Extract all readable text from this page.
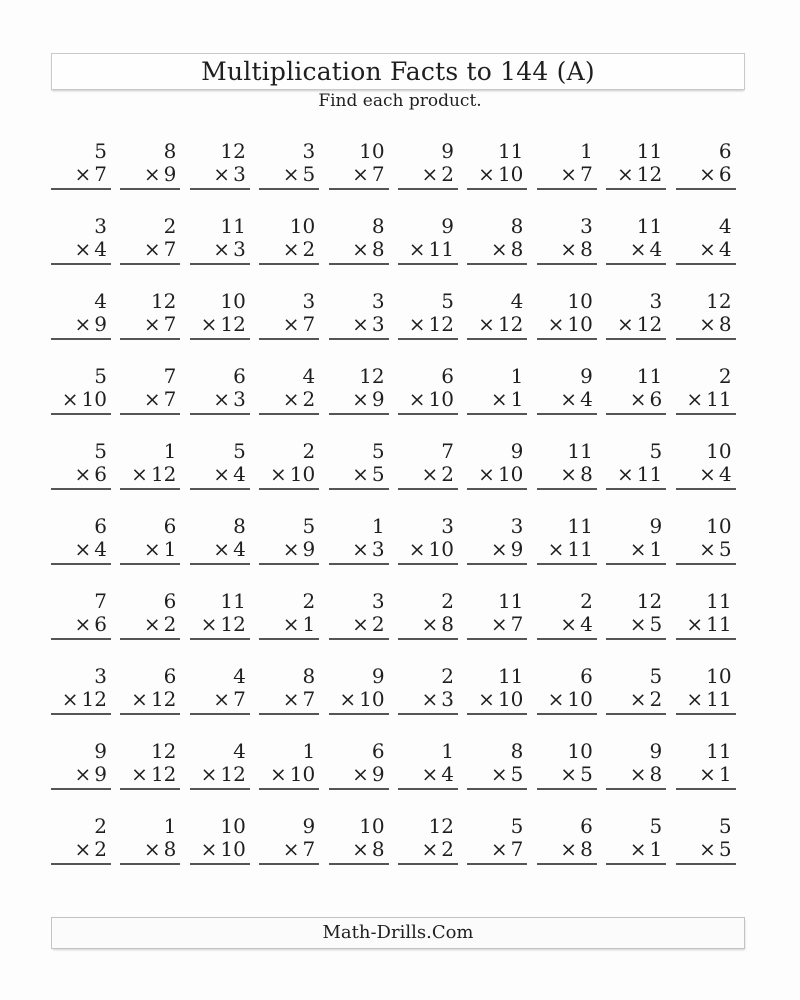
Multiplication Facts to 144 (A)
Find each product.
5
× 7
8
× 9
12
× 3
3
× 5
10
× 7
9
× 2
11
× 10
1
× 7
11
× 12
6
× 6
3
× 4
2
× 7
11
× 3
10
× 2
8
× 8
9
× 11
8
× 8
3
× 8
11
× 4
4
× 4
4
× 9
12
× 7
10
× 12
3
× 7
3
× 3
5
× 12
4
× 12
10
× 10
3
× 12
12
× 8
5
× 10
7
× 7
6
× 3
4
× 2
12
× 9
6
× 10
1
× 1
9
× 4
11
× 6
2
× 11
5
× 6
1
× 12
5
× 4
2
× 10
5
× 5
7
× 2
9
× 10
11
× 8
5
× 11
10
× 4
6
× 4
6
× 1
8
× 4
5
× 9
1
× 3
3
× 10
3
× 9
11
× 11
9
× 1
10
× 5
7
× 6
6
× 2
11
× 12
2
× 1
3
× 2
2
× 8
11
× 7
2
× 4
12
× 5
11
× 11
3
× 12
6
× 12
4
× 7
8
× 7
9
× 10
2
× 3
11
× 10
6
× 10
5
× 2
10
× 11
9
× 9
12
× 12
4
× 12
1
× 10
6
× 9
1
× 4
8
× 5
10
× 5
9
× 8
11
× 1
2
× 2
1
× 8
10
× 10
9
× 7
10
× 8
12
× 2
5
× 7
6
× 8
5
× 1
5
× 5
Math-Drills.Com
